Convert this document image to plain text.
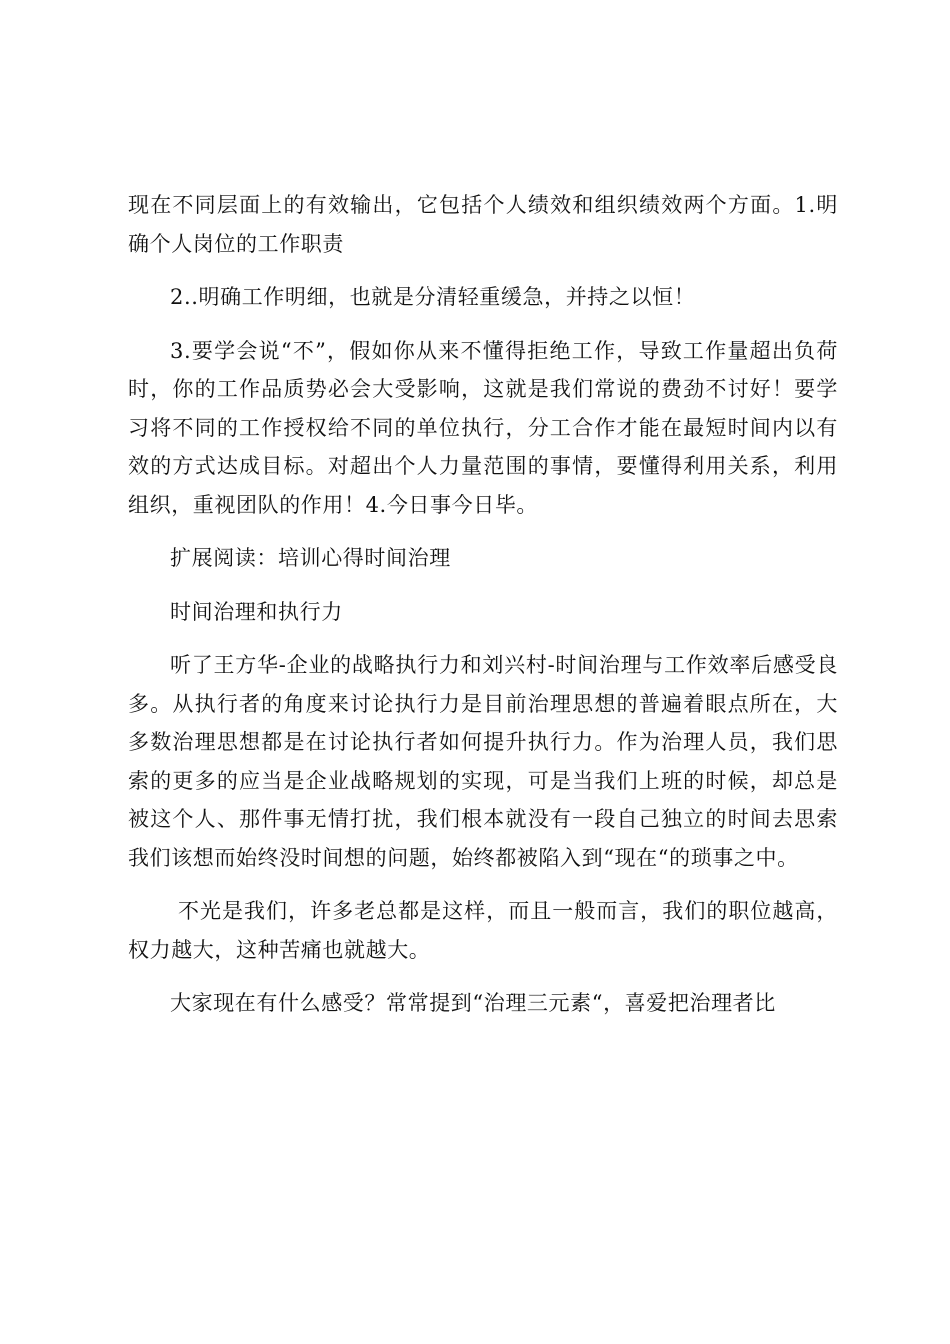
现在不同层面上的有效输出，它包括个人绩效和组织绩效两个方面。1.明确个人岗位的工作职责

2..明确工作明细，也就是分清轻重缓急，并持之以恒！

3.要学会说“不”，假如你从来不懂得拒绝工作，导致工作量超出负荷时，你的工作品质势必会大受影响，这就是我们常说的费劲不讨好！要学习将不同的工作授权给不同的单位执行，分工合作才能在最短时间内以有效的方式达成目标。对超出个人力量范围的事情，要懂得利用关系，利用组织，重视团队的作用！4.今日事今日毕。

扩展阅读：培训心得时间治理

时间治理和执行力

听了王方华-企业的战略执行力和刘兴村-时间治理与工作效率后感受良多。从执行者的角度来讨论执行力是目前治理思想的普遍着眼点所在，大多数治理思想都是在讨论执行者如何提升执行力。作为治理人员，我们思索的更多的应当是企业战略规划的实现，可是当我们上班的时候，却总是被这个人、那件事无情打扰，我们根本就没有一段自己独立的时间去思索我们该想而始终没时间想的问题，始终都被陷入到“现在“的琐事之中。

不光是我们，许多老总都是这样，而且一般而言，我们的职位越高，权力越大，这种苦痛也就越大。

大家现在有什么感受？常常提到“治理三元素“，喜爱把治理者比
